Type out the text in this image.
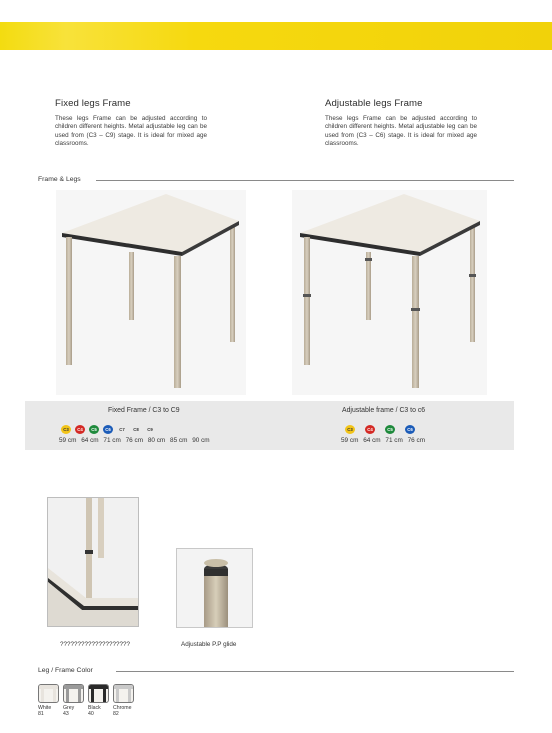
Fixed legs Frame

These legs Frame can be adjusted according to children different heights. Metal adjustable leg can be used from (C3 – C9) stage. It is ideal for mixed age classrooms.

Adjustable legs Frame

These legs Frame can be adjusted according to children different heights. Metal adjustable leg can be used from (C3 – C6) stage. It is ideal for mixed age classrooms.

Frame & Legs
Fixed Frame / C3 to C9
C3	C4	C5	C6	C7	C8	C9
59 cm 64 cm 71 cm 76 cm 80 cm 85 cm 90 cm
Adjustable frame / C3 to c6
C3	C4	C5	C6
59 cm 64 cm 71 cm 76 cm
????????????????????	Adjustable P.P glide
Leg / Frame Color
White
81
Grey
43
Black
40
Chrome
82
